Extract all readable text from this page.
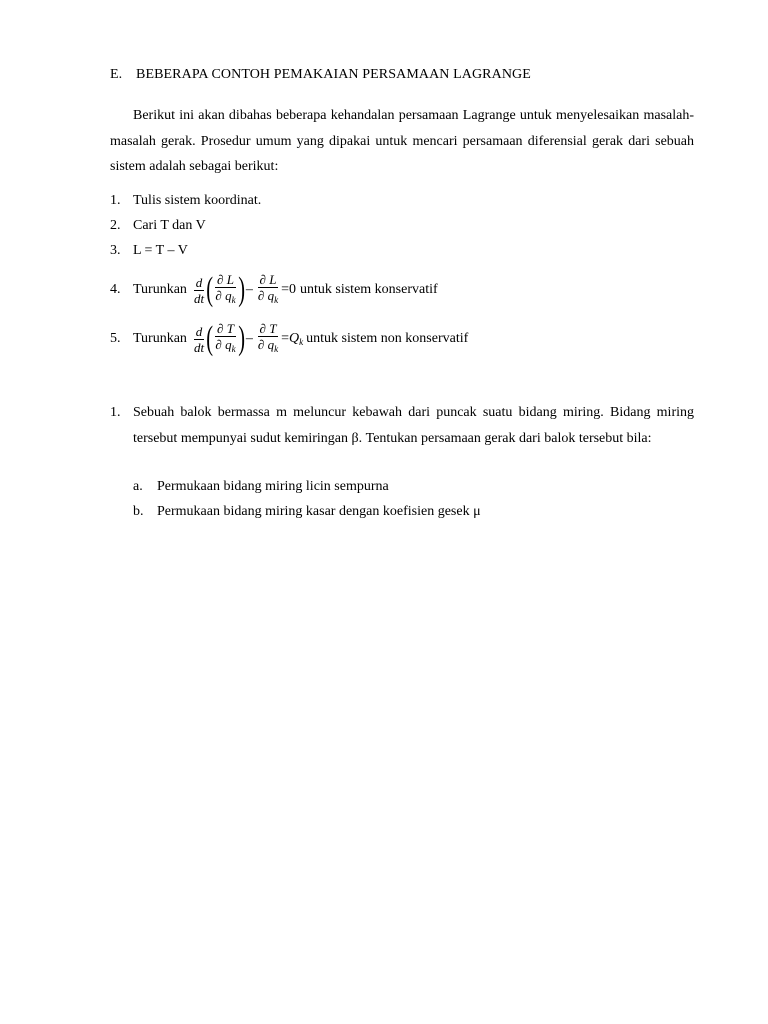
E. BEBERAPA CONTOH PEMAKAIAN PERSAMAAN LAGRANGE
Berikut ini akan dibahas beberapa kehandalan persamaan Lagrange untuk menyelesaikan masalah-masalah gerak. Prosedur umum yang dipakai untuk mencari persamaan diferensial gerak dari sebuah sistem adalah sebagai berikut:
1. Tulis sistem koordinat.
2. Cari T dan V
3. L = T – V
4. Turunkan $\frac{d}{dt}$ ( $\frac{\partial L}{\partial q_k}$ ) – $\frac{\partial L}{\partial q_k} =0$ untuk sistem konservatif
5. Turunkan $\frac{d}{dt}$ ( $\frac{\partial T}{\partial q_k}$ ) – $\frac{\partial T}{\partial q_k} = Q_k$ untuk sistem non konservatif
1. Sebuah balok bermassa m meluncur kebawah dari puncak suatu bidang miring. Bidang miring tersebut mempunyai sudut kemiringan β. Tentukan persamaan gerak dari balok tersebut bila:
a. Permukaan bidang miring licin sempurna
b. Permukaan bidang miring kasar dengan koefisien gesek μ
